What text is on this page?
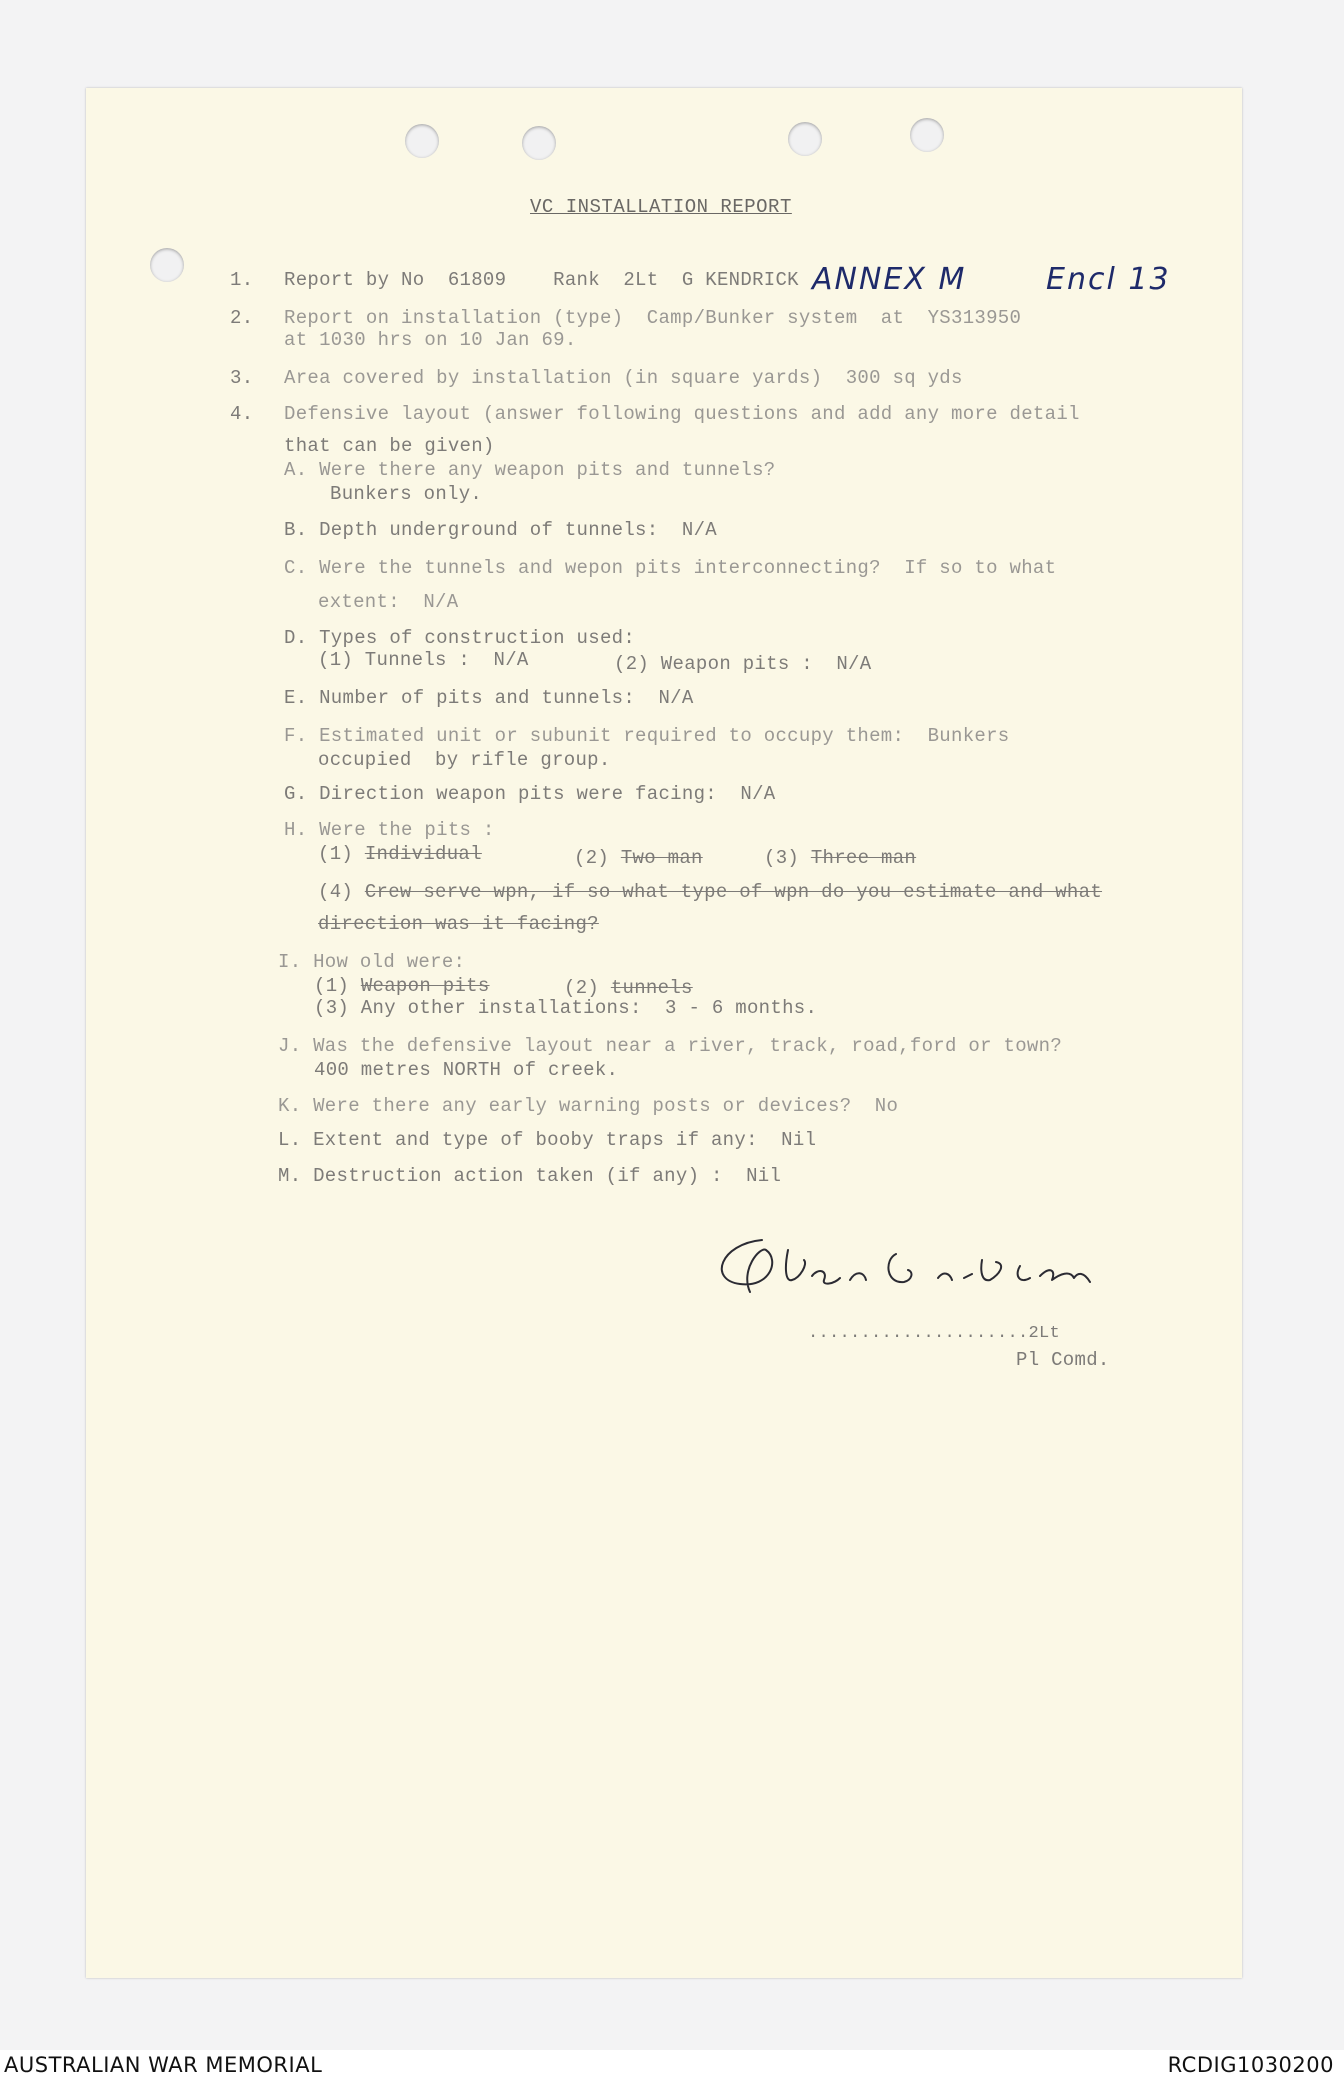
VC INSTALLATION REPORT
ANNEX M	Encl 13
1. Report by No  61809    Rank  2Lt  G KENDRICK
2. Report on installation (type)  Camp/Bunker system  at  YS313950
at 1030 hrs on 10 Jan 69.
3. Area covered by installation (in square yards)  300 sq yds
4. Defensive layout (answer following questions and add any more detail
that can be given)
A. Were there any weapon pits and tunnels?
Bunkers only.
B. Depth underground of tunnels:  N/A
C. Were the tunnels and wepon pits interconnecting?  If so to what
extent:  N/A
D. Types of construction used:
(1) Tunnels :  N/A	(2) Weapon pits :  N/A
E. Number of pits and tunnels:  N/A
F. Estimated unit or subunit required to occupy them:  Bunkers
occupied  by rifle group.
G. Direction weapon pits were facing:  N/A
H. Were the pits :
(1) Individual	(2) Two man	(3) Three man
(4) Crew serve wpn, if so what type of wpn do you estimate and what
direction was it facing?
I. How old were:
(1) Weapon pits	(2) tunnels
(3) Any other installations:  3 - 6 months.
J. Was the defensive layout near a river, track, road,ford or town?
400 metres NORTH of creek.
K. Were there any early warning posts or devices?  No
L. Extent and type of booby traps if any:  Nil
M. Destruction action taken (if any) :  Nil
.....................2Lt
Pl Comd.
AUSTRALIAN WAR MEMORIAL	RCDIG1030200
